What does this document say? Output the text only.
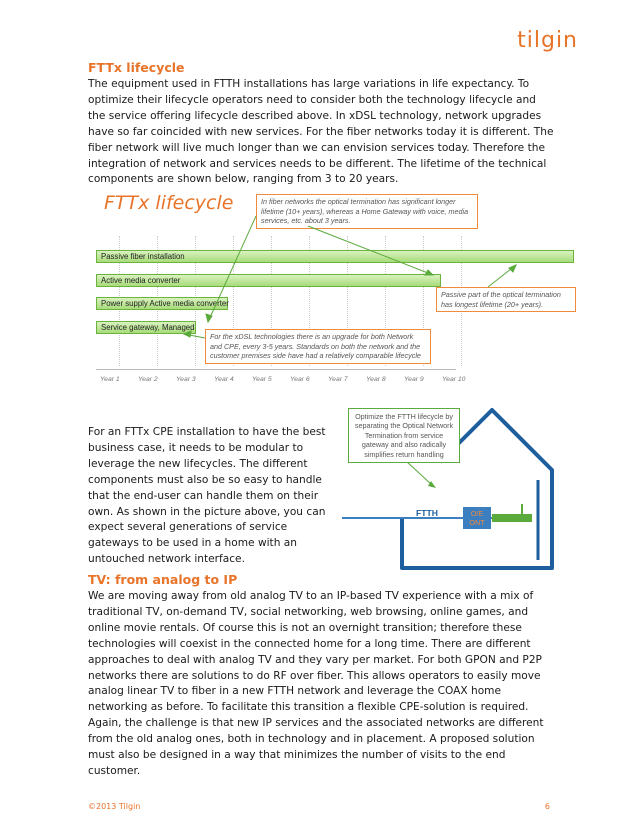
tilgin
FTTx lifecycle
The equipment used in FTTH installations has large variations in life expectancy. To optimize their lifecycle operators need to consider both the technology lifecycle and the service offering lifecycle described above. In xDSL technology, network upgrades have so far coincided with new services. For the fiber networks today it is different. The fiber network will live much longer than we can envision services today. Therefore the integration of network and services needs to be different. The lifetime of the technical components are shown below, ranging from 3 to 20 years.
FTTx lifecycle	In fiber networks the optical termination has significant longer lifetime (10+ years), whereas a Home Gateway with voice, media services, etc. about 3 years.
Passive fiber installation
Active media converter
Power supply Active media converter
Service gateway, Managed
Passive part of the optical termination has longest lifetime (20+ years).
For the xDSL technologies there is an upgrade for both Network and CPE, every 3-5 years. Standards on both the network and the customer premises side have had a relatively comparable lifecycle
Year 1	Year 2	Year 3	Year 4	Year 5	Year 6	Year 7	Year 8	Year 9	Year 10
For an FTTx CPE installation to have the best business case, it needs to be modular to leverage the new lifecycles. The different components must also be so easy to handle that the end-user can handle them on their own. As shown in the picture above, you can expect several generations of service gateways to be used in a home with an untouched network interface.
Optimize the FTTH lifecycle by separating the Optical Network Termination from service gateway and also radically simplifies return handling
FTTH	O/E ONT
TV: from analog to IP
We are moving away from old analog TV to an IP-based TV experience with a mix of traditional TV, on-demand TV, social networking, web browsing, online games, and online movie rentals. Of course this is not an overnight transition; therefore these technologies will coexist in the connected home for a long time. There are different approaches to deal with analog TV and they vary per market. For both GPON and P2P networks there are solutions to do RF over fiber. This allows operators to easily move analog linear TV to fiber in a new FTTH network and leverage the COAX home networking as before. To facilitate this transition a flexible CPE-solution is required. Again, the challenge is that new IP services and the associated networks are different from the old analog ones, both in technology and in placement. A proposed solution must also be designed in a way that minimizes the number of visits to the end customer.
©2013 Tilgin	6
